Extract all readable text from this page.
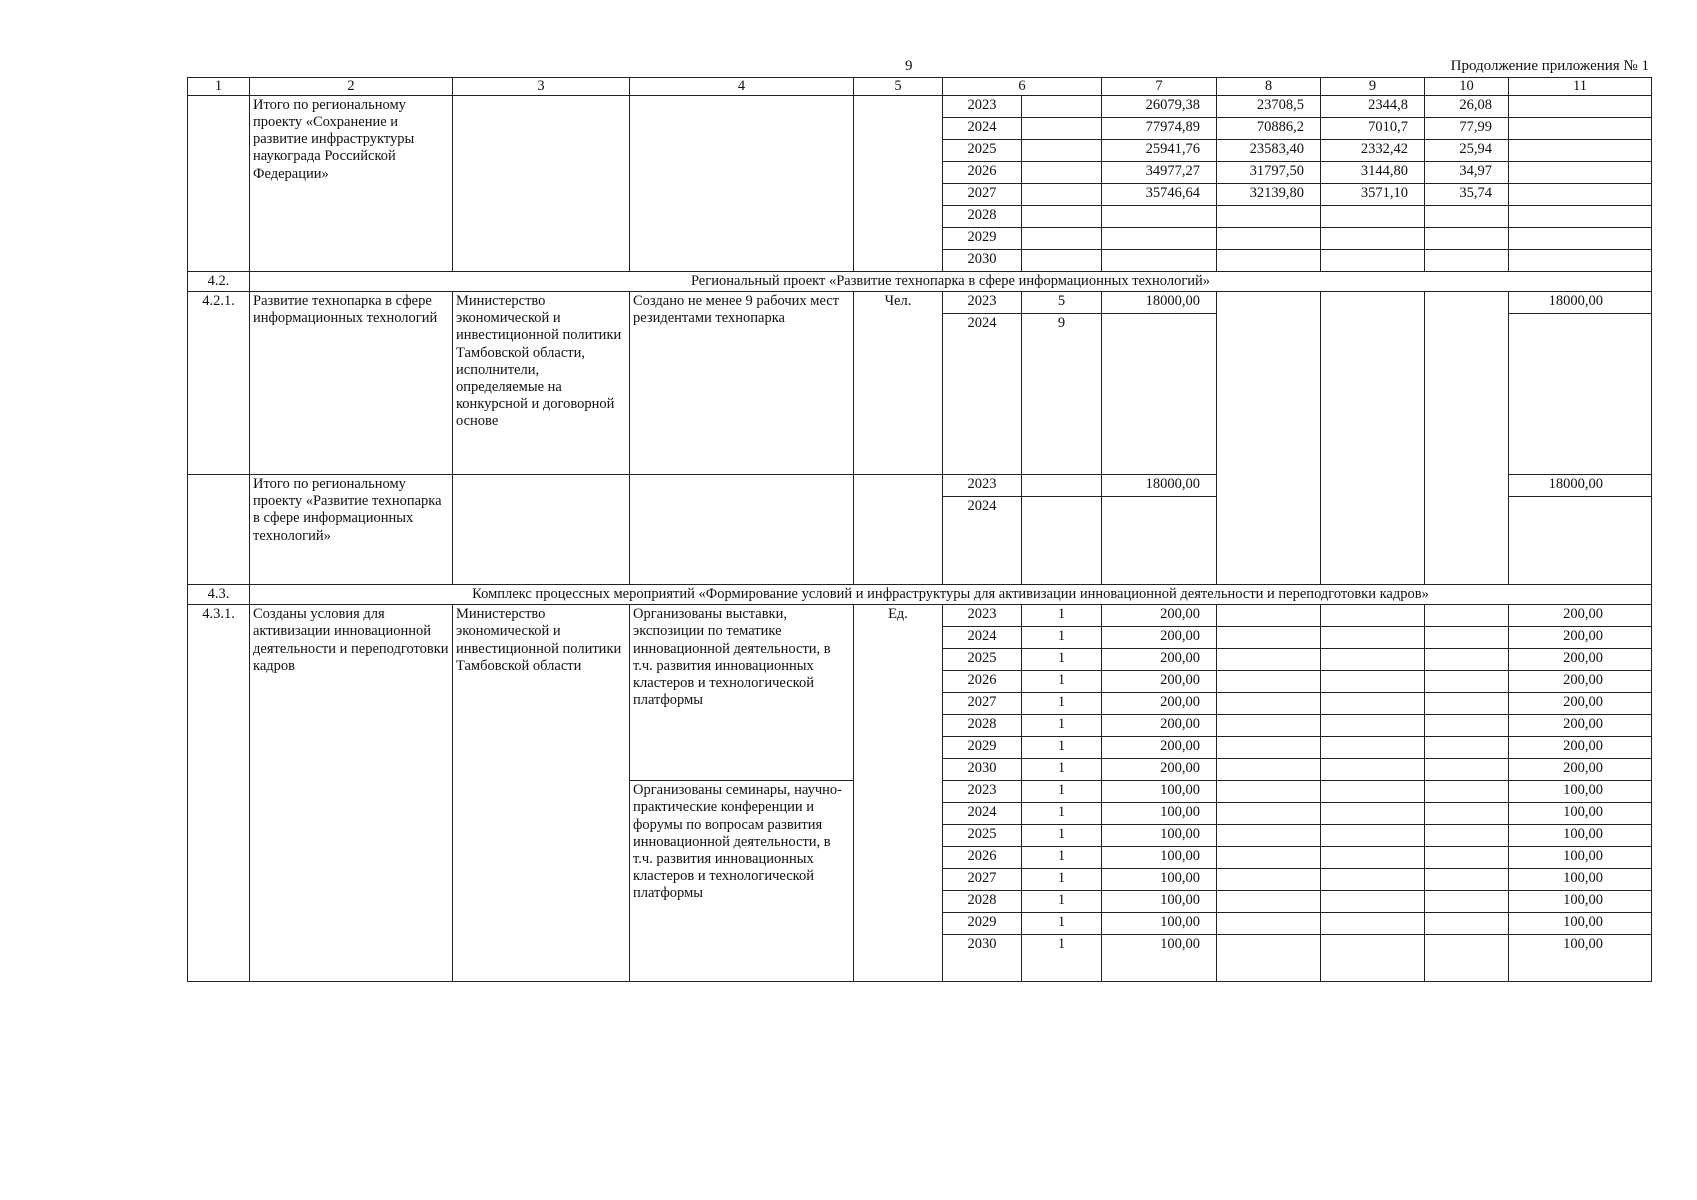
9	Продолжение приложения № 1
1	2	3	4	5	6		7	8	9	10	11
	Итого по региональному проекту «Сохранение и развитие инфраструктуры наукограда Российской Федерации»				2023		26079,38	23708,5	2344,8	26,08	
					2024		77974,89	70886,2	7010,7	77,99	
					2025		25941,76	23583,40	2332,42	25,94	
					2026		34977,27	31797,50	3144,80	34,97	
					2027		35746,64	32139,80	3571,10	35,74	
					2028						
					2029						
					2030						
4.2.	Региональный проект «Развитие технопарка в сфере информационных технологий»										
4.2.1.	Развитие технопарка в сфере информационных технологий	Министерство экономической и инвестиционной политики Тамбовской области, исполнители, определяемые на конкурсной и договорной основе	Создано не менее 9 рабочих мест резидентами технопарка	Чел.	2023	5	18000,00				18000,00
					2024	9					
	Итого по региональному проекту «Развитие технопарка в сфере информационных технологий»				2023		18000,00				18000,00
					2024						
4.3.	Комплекс процессных мероприятий «Формирование условий и инфраструктуры для активизации инновационной деятельности и переподготовки кадров»										
4.3.1.	Созданы условия для активизации инновационной деятельности и переподготовки кадров	Министерство экономической и инвестиционной политики Тамбовской области	Организованы выставки, экспозиции по тематике инновационной деятельности, в т.ч. развития инновационных кластеров и технологической платформы	Ед.	2023	1	200,00				200,00
					2024	1	200,00				200,00
					2025	1	200,00				200,00
					2026	1	200,00				200,00
					2027	1	200,00				200,00
					2028	1	200,00				200,00
					2029	1	200,00				200,00
					2030	1	200,00				200,00
			Организованы семинары, научно-практические конференции и форумы по вопросам развития инновационной деятельности, в т.ч. развития инновационных кластеров и технологической платформы		2023	1	100,00				100,00
					2024	1	100,00				100,00
					2025	1	100,00				100,00
					2026	1	100,00				100,00
					2027	1	100,00				100,00
					2028	1	100,00				100,00
					2029	1	100,00				100,00
					2030	1	100,00				100,00
